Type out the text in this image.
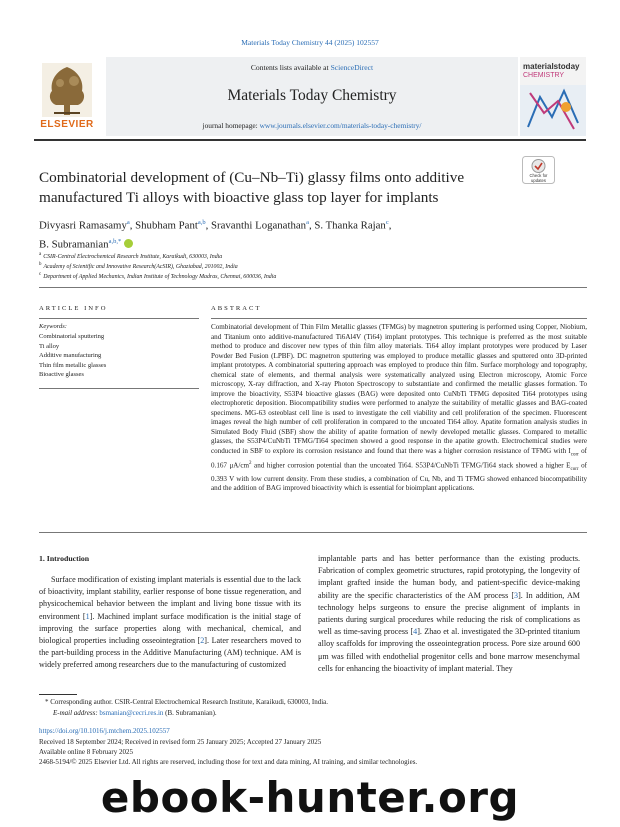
Materials Today Chemistry 44 (2025) 102557
ELSEVIER
Contents lists available at ScienceDirect
Materials Today Chemistry
journal homepage: www.journals.elsevier.com/materials-today-chemistry/
materialstoday
CHEMISTRY
Combinatorial development of (Cu–Nb–Ti) glassy films onto additive manufactured Ti alloys with bioactive glass top layer for implants
Check for updates
Divyasri Ramasamy$^a$, Shubham Pant$^{a,b}$, Sravanthi Loganathan$^a$, S. Thanka Rajan$^c$,
B. Subramanian$^{a,b,*}$
$^a$ CSIR-Central Electrochemical Research Institute, Karaikudi, 630003, India
$^b$ Academy of Scientific and Innovative Research(AcSIR), Ghaziabad, 201002, India
$^c$ Department of Applied Mechanics, Indian Institute of Technology Madras, Chennai, 600036, India
ARTICLE INFO	ABSTRACT
Keywords:
Combinatorial sputtering
Ti alloy
Additive manufacturing
Thin film metallic glasses
Bioactive glasses
Combinatorial development of Thin Film Metallic glasses (TFMGs) by magnetron sputtering is performed using Copper, Niobium, and Titanium onto additive-manufactured Ti6Al4V (Ti64) implant prototypes. This technique is preferred as the most suitable method to produce and discover new types of thin film alloy materials. Ti64 alloy implant prototypes were produced by Laser Powder Bed Fusion (LPBF). DC magnetron sputtering was employed to produce metallic glasses and sputtered onto 3D-printed implant prototypes. A combinatorial sputtering approach was employed to produce thin film. Surface morphology and topography, chemical state of elements, and thermal analysis were systematically analyzed using Electron microscopy, Atomic Force microscopy, X-ray diffraction, and X-ray Photon Spectroscopy to substantiate and confirmed the metallic glasses formation. To improve the bioactivity, S53P4 bioactive glasses (BAG) were deposited onto CuNbTi TFMG deposited Ti64 prototypes using electrophoretic deposition. Biocompatibility studies were performed to analyze the suitability of metallic glasses and BAG-coated specimens. MG-63 osteoblast cell line is used to investigate the cell viability and cell proliferation of the specimen. Fluorescent images reveal the high number of cell proliferation in compared to the uncoated Ti64 alloy. Apatite formation analysis studies in Simulated Body Fluid (SBF) show the ability of apatite formation of newly developed metallic glasses. Compared to metallic glasses, the S53P4/CuNbTi TFMG/Ti64 specimen showed a good response in the apatite growth. Electrochemical studies were conducted in SBF to explore its corrosion resistance and found that there was a higher corrosion resistance of TFMG with $I_{corr}$ of 0.167 $\mu A/cm^2$ and higher corrosion potential than the uncoated Ti64. S53P4/CuNbTi TFMG/Ti64 stack showed a higher $E_{corr}$ of 0.393 V with low current density. From these studies, a combination of Cu, Nb, and Ti TFMG showed enhanced biocompatibility and the addition of BAG improved bioactivity which is essential for bioimplant applications.
1. Introduction
Surface modification of existing implant materials is essential due to the lack of bioactivity, implant stability, earlier response of bone tissue regeneration, and physicochemical behavior between the implant and living bone tissue with its environment [1]. Machined implant surface modification is the initial stage of improving the surface properties along with mechanical, chemical, and biological properties including osseointegration [2]. Later researchers moved to the part-building process in the Additive Manufacturing (AM) technique. AM is widely preferred among researchers due to the manufacturing of customized
implantable parts and has better performance than the existing products. Fabrication of complex geometric structures, rapid prototyping, the longevity of implant grafted inside the human body, and patient-specific device-making ability are the specific characteristics of the AM process [3]. In addition, AM technology helps surgeons to ensure the precise alignment of implants in patients during surgical procedures while reducing the risk of complications as well as time-saving process [4]. Zhao et al. investigated the 3D-printed titanium alloy scaffolds for improving the osseointegration process. Pore size around 600 μm was filled with endothelial progenitor cells and bone marrow mesenchymal cells for enhancing the bioactivity of implant material. They
* Corresponding author. CSIR-Central Electrochemical Research Institute, Karaikudi, 630003, India.
E-mail address: bsmanian@cecri.res.in (B. Subramanian).
https://doi.org/10.1016/j.mtchem.2025.102557
Received 18 September 2024; Received in revised form 25 January 2025; Accepted 27 January 2025
Available online 8 February 2025
2468-5194/© 2025 Elsevier Ltd. All rights are reserved, including those for text and data mining, AI training, and similar technologies.
ebook-hunter.org
